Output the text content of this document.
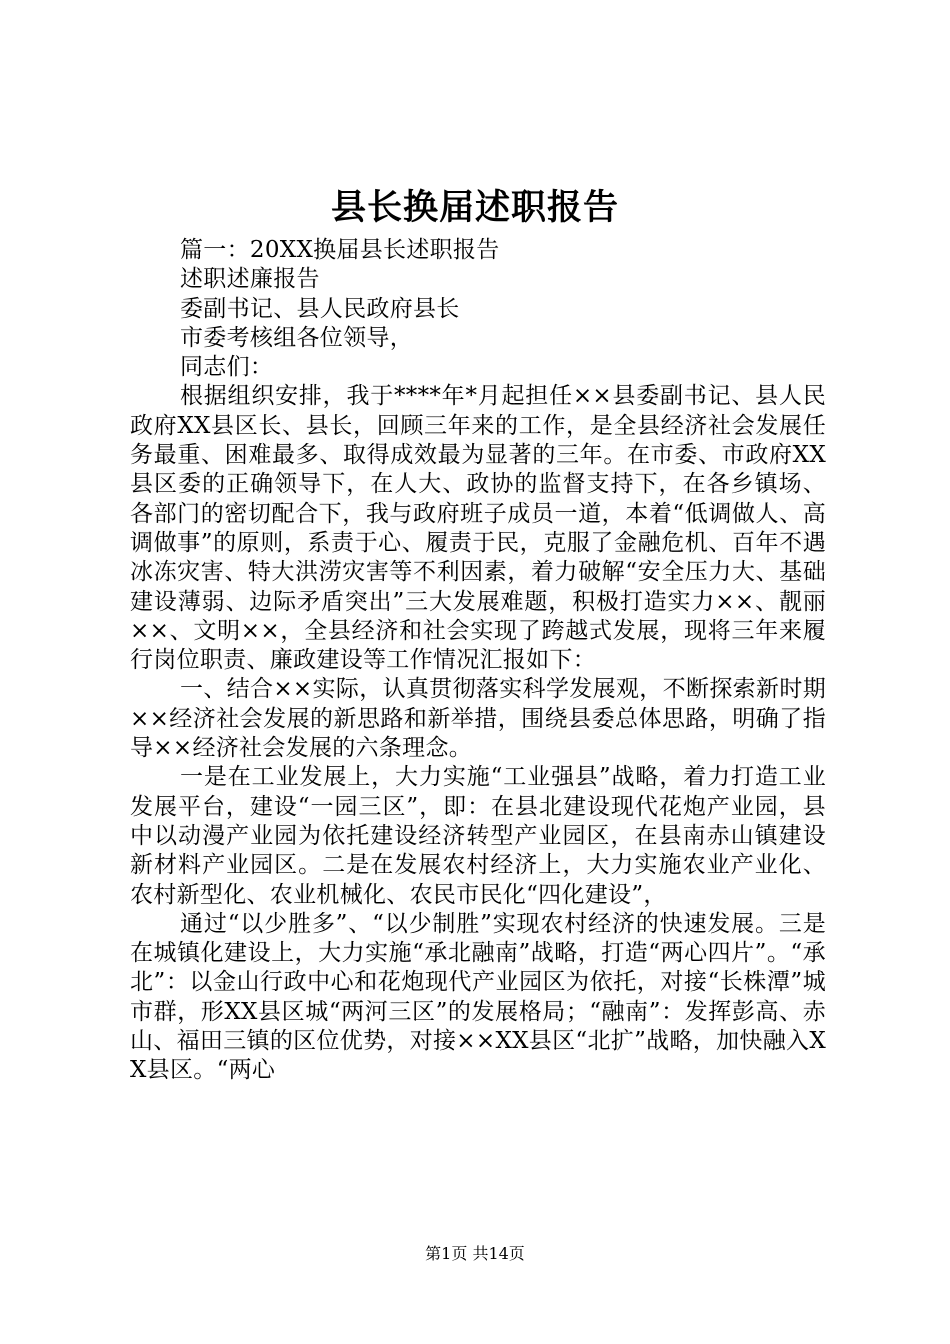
县长换届述职报告

篇一：20XX换届县长述职报告

述职述廉报告

委副书记、县人民政府县长

市委考核组各位领导，

同志们：

根据组织安排，我于****年*月起担任××县委副书记、县人民政府XX县区长、县长，回顾三年来的工作，是全县经济社会发展任务最重、困难最多、取得成效最为显著的三年。在市委、市政府XX县区委的正确领导下，在人大、政协的监督支持下，在各乡镇场、各部门的密切配合下，我与政府班子成员一道，本着“低调做人、高调做事”的原则，系责于心、履责于民，克服了金融危机、百年不遇冰冻灾害、特大洪涝灾害等不利因素，着力破解“安全压力大、基础建设薄弱、边际矛盾突出”三大发展难题，积极打造实力××、靓丽××、文明××，全县经济和社会实现了跨越式发展，现将三年来履行岗位职责、廉政建设等工作情况汇报如下：

一、结合××实际，认真贯彻落实科学发展观，不断探索新时期××经济社会发展的新思路和新举措，围绕县委总体思路，明确了指导××经济社会发展的六条理念。

一是在工业发展上，大力实施“工业强县”战略，着力打造工业发展平台，建设“一园三区”，即：在县北建设现代花炮产业园，县中以动漫产业园为依托建设经济转型产业园区，在县南赤山镇建设新材料产业园区。二是在发展农村经济上，大力实施农业产业化、农村新型化、农业机械化、农民市民化“四化建设”，

通过“以少胜多”、“以少制胜”实现农村经济的快速发展。三是在城镇化建设上，大力实施“承北融南”战略，打造“两心四片”。“承北”：以金山行政中心和花炮现代产业园区为依托，对接“长株潭”城市群，形XX县区城“两河三区”的发展格局；“融南”：发挥彭高、赤山、福田三镇的区位优势，对接××XX县区“北扩”战略，加快融入XX县区。“两心

第1页 共14页
